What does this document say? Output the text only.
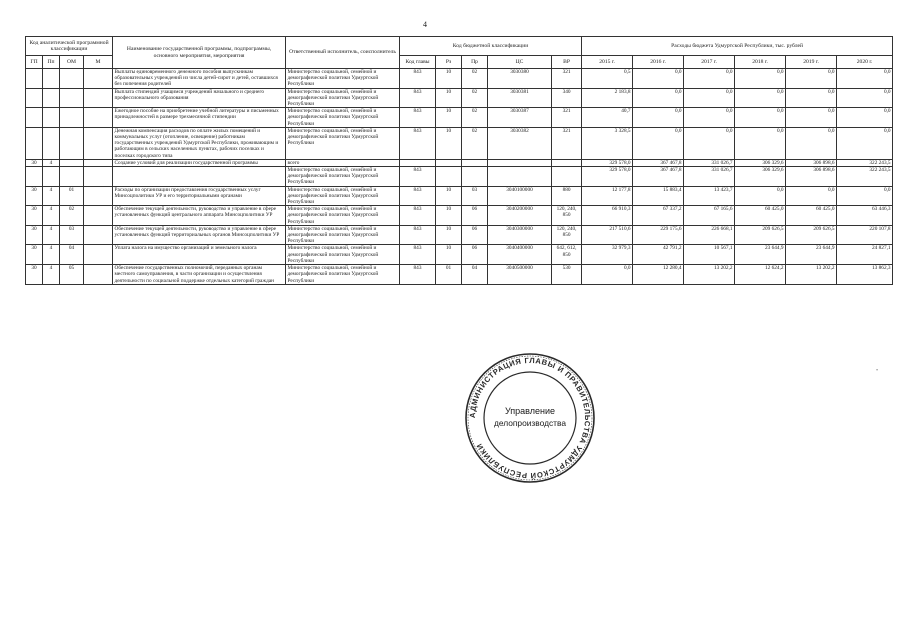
4
Код аналитической программной классификации				Наименование государственной программы, подпрограммы, основного мероприятия, мероприятия	Ответственный исполнитель, соисполнитель	Код бюджетной классификации					Расходы бюджета Удмуртской Республики, тыс. рублей					
ГП	Пп	ОМ	М			Код главы	Рз	Пр	ЦС	ВР	2015 г.	2016 г.	2017 г.	2018 г.	2019 г.	2020 г.
				Выплаты единовременного денежного пособия выпускникам образовательных учреждений из числа детей-сирот и детей, оставшихся без попечения родителей	Министерство социальной, семейной и демографической политики Удмуртской Республики	843	10	02	3030380	321	0,5	0,0	0,0	0,0	0,0	0,0
				Выплата стипендий учащимся учреждений начального и среднего профессионального образования	Министерство социальной, семейной и демографической политики Удмуртской Республики	843	10	02	3030381	340	2 183,8	0,0	0,0	0,0	0,0	0,0
				Ежегодное пособие на приобретение учебной литературы и письменных принадлежностей в размере трехмесячной стипендии	Министерство социальной, семейной и демографической политики Удмуртской Республики	843	10	02	3030387	321	40,7	0,0	0,0	0,0	0,0	0,0
				Денежная компенсация расходов по оплате жилых помещений и коммунальных услуг (отопление, освещение) работникам государственных учреждений Удмуртской Республики, проживающим и работающим в сельских населенных пунктах, рабочих поселках и поселках городского типа	Министерство социальной, семейной и демографической политики Удмуртской Республики	843	10	02	3030382	321	3 328,5	0,0	0,0	0,0	0,0	0,0
30	4			Создание условий для реализации государственной программы	всего						329 578,0	367 467,8	331 026,7	306 329,6	306 898,6	322 243,5
					Министерство социальной, семейной и демографической политики Удмуртской Республики	843					329 578,0	367 467,8	331 026,7	306 329,6	306 898,6	322 243,5
30	4	01		Расходы по организации предоставления государственных услуг Минсоцполитики УР и его территориальными органами	Министерство социальной, семейной и демографической политики Удмуртской Республики	843	10	03	3040100000	880	12 177,8	15 883,4	13 423,7	0,0	0,0	0,0
30	4	02		Обеспечение текущей деятельности, руководство и управление в сфере установленных функций центрального аппарата Минсоцполитики УР	Министерство социальной, семейной и демографической политики Удмуртской Республики	843	10	06	3040200000	120, 240, 850	66 910,3	67 337,2	67 165,6	60 425,0	60 425,0	63 446,3
30	4	03		Обеспечение текущей деятельности, руководство и управление в сфере установленных функций территориальных органов Минсоцполитики УР	Министерство социальной, семейной и демографической политики Удмуртской Республики	843	10	06	3040300000	120, 240, 850	217 510,6	229 175,6	226 668,1	209 626,5	209 626,5	220 107,8
30	4	04		Уплата налога на имущество организаций и земельного налога	Министерство социальной, семейной и демографической политики Удмуртской Республики	843	10	06	3040400000	642, 612, 850	32 979,3	42 791,2	10 567,1	23 644,9	23 644,9	24 827,1
30	4	05		Обеспечение государственных полномочий, переданных органам местного самоуправления, в части организации и осуществления деятельности по социальной поддержке отдельных категорий граждан	Министерство социальной, семейной и демографической политики Удмуртской Республики	843	01	04	3040500000	530	0,0	12 280,4	13 202,2	12 624,2	13 202,2	13 862,3
АДМИНИСТРАЦИЯ ГЛАВЫ И ПРАВИТЕЛЬСТВА УДМУРТСКОЙ РЕСПУБЛИКИ
Управление
делопроизводства
•
